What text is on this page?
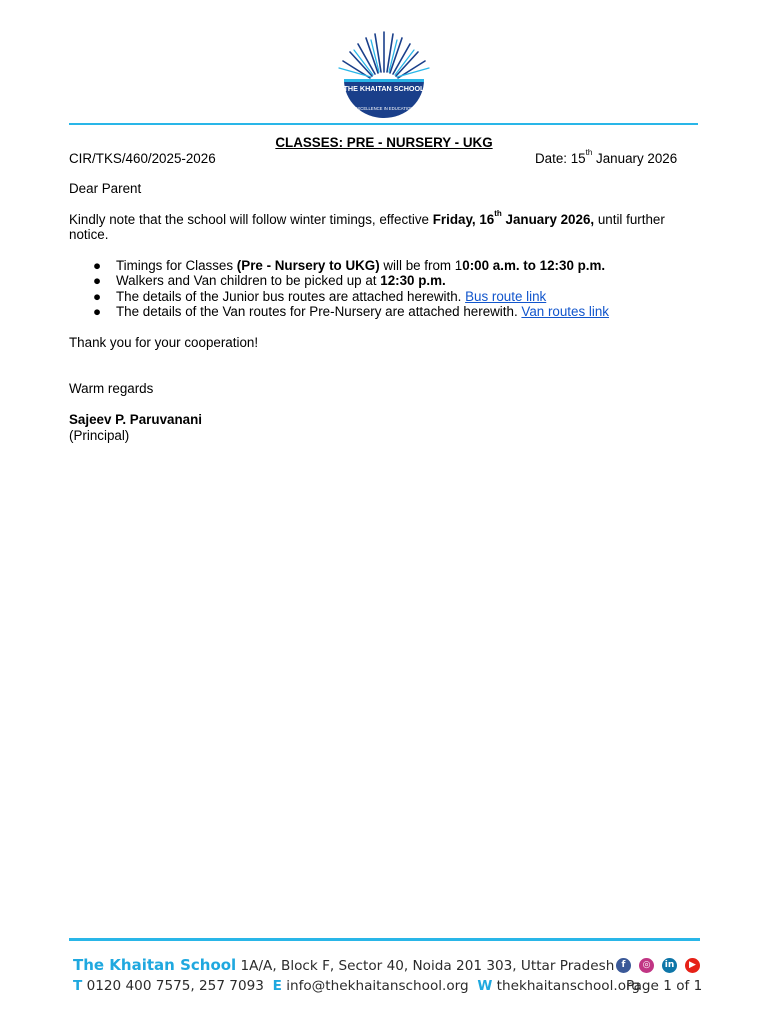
THE KHAITAN SCHOOL
EXCELLENCE IN EDUCATION
CLASSES: PRE - NURSERY - UKG
CIR/TKS/460/2025-2026	Date: 15th January 2026
Dear Parent
Kindly note that the school will follow winter timings, effective Friday, 16th January 2026, until further
notice.
● Timings for Classes (Pre - Nursery to UKG) will be from 10:00 a.m. to 12:30 p.m.
● Walkers and Van children to be picked up at 12:30 p.m.
● The details of the Junior bus routes are attached herewith. Bus route link
● The details of the Van routes for Pre-Nursery are attached herewith. Van routes link
Thank you for your cooperation!
Warm regards
Sajeev P. Paruvanani
(Principal)
The Khaitan School 1A/A, Block F, Sector 40, Noida 201 303, Uttar Pradesh
T 0120 400 7575, 257 7093 E info@thekhaitanschool.org W thekhaitanschool.org
f	◎	in	▶
Page 1 of 1
